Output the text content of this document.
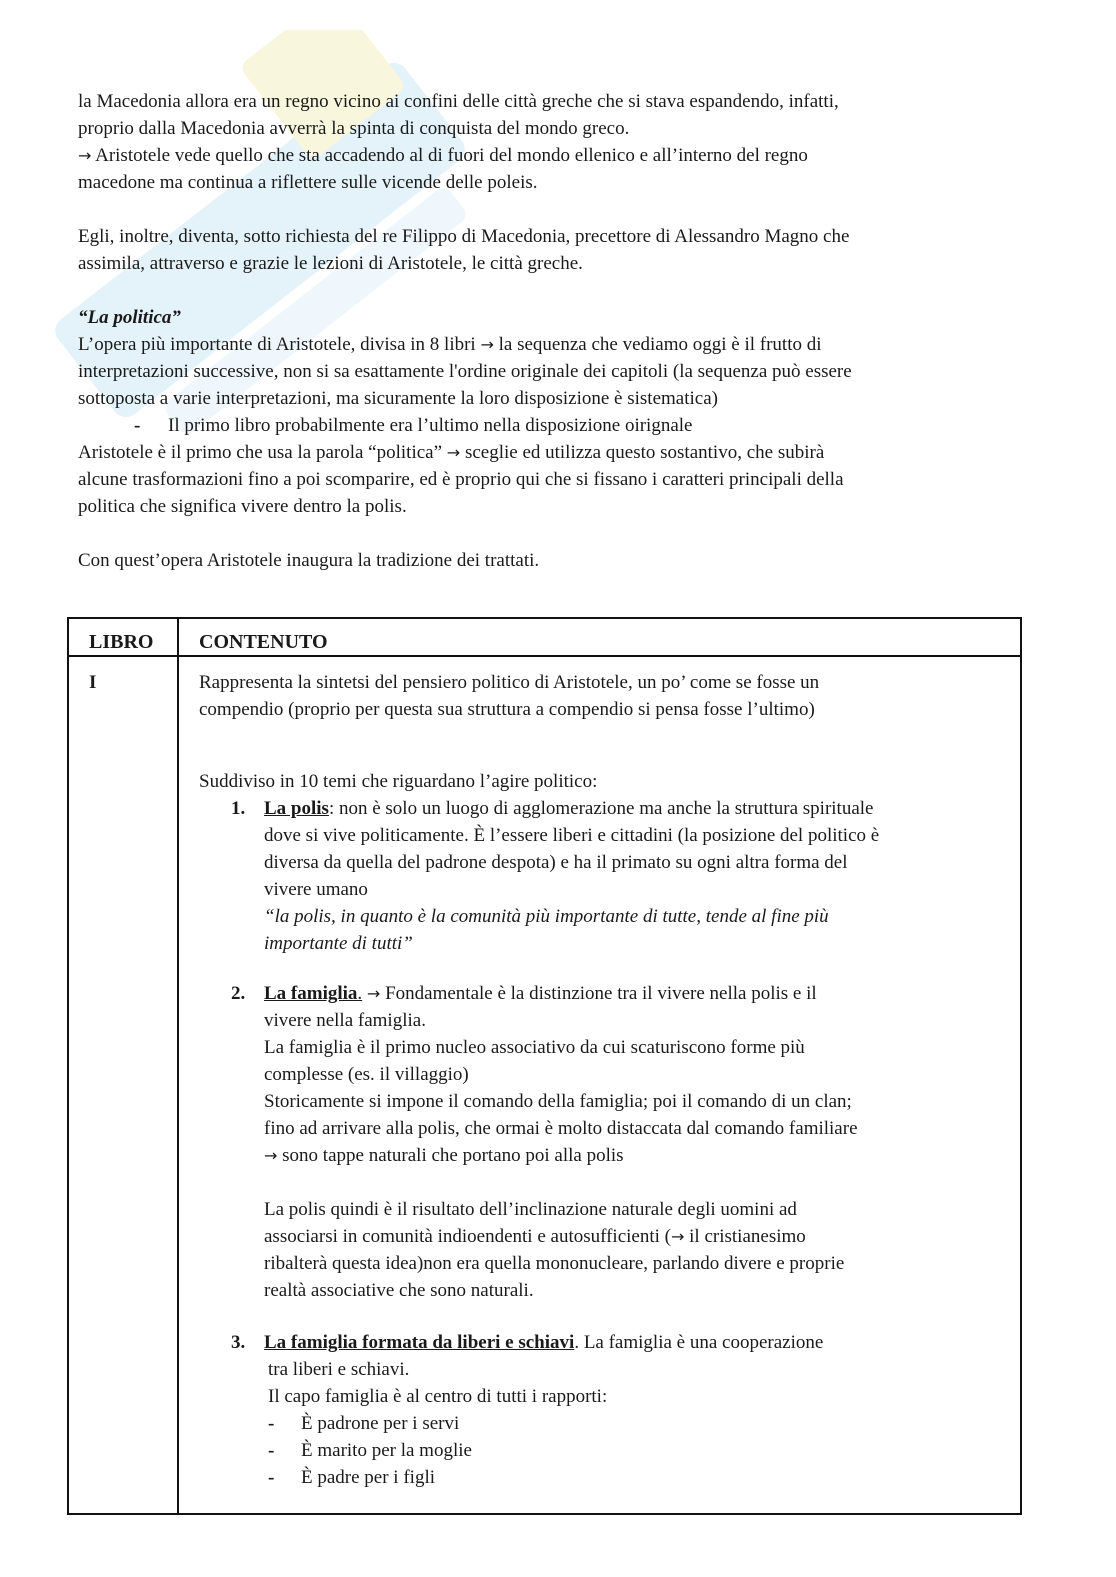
la Macedonia allora era un regno vicino ai confini delle città greche che si stava espandendo, infatti,

proprio dalla Macedonia avverrà la spinta di conquista del mondo greco.

→ Aristotele vede quello che sta accadendo al di fuori del mondo ellenico e all’interno del regno

macedone ma continua a riflettere sulle vicende delle poleis.

Egli, inoltre, diventa, sotto richiesta del re Filippo di Macedonia, precettore di Alessandro Magno che

assimila, attraverso e grazie le lezioni di Aristotele, le città greche.

“La politica”

L’opera più importante di Aristotele, divisa in 8 libri → la sequenza che vediamo oggi è il frutto di

interpretazioni successive, non si sa esattamente l'ordine originale dei capitoli (la sequenza può essere

sottoposta a varie interpretazioni, ma sicuramente la loro disposizione è sistematica)

- Il primo libro probabilmente era l’ultimo nella disposizione oirignale

Aristotele è il primo che usa la parola “politica” → sceglie ed utilizza questo sostantivo, che subirà

alcune trasformazioni fino a poi scomparire, ed è proprio qui che si fissano i caratteri principali della

politica che significa vivere dentro la polis.

Con quest’opera Aristotele inaugura la tradizione dei trattati.

LIBRO CONTENUTO
I	Rappresenta la sintetsi del pensiero politico di Aristotele, un po’ come se fosse un

compendio (proprio per questa sua struttura a compendio si pensa fosse l’ultimo)

Suddiviso in 10 temi che riguardano l’agire politico:

1. La polis: non è solo un luogo di agglomerazione ma anche la struttura spirituale

dove si vive politicamente. È l’essere liberi e cittadini (la posizione del politico è

diversa da quella del padrone despota) e ha il primato su ogni altra forma del

vivere umano

“la polis, in quanto è la comunità più importante di tutte, tende al fine più

importante di tutti”

2. La famiglia. → Fondamentale è la distinzione tra il vivere nella polis e il

vivere nella famiglia.

La famiglia è il primo nucleo associativo da cui scaturiscono forme più

complesse (es. il villaggio)

Storicamente si impone il comando della famiglia; poi il comando di un clan;

fino ad arrivare alla polis, che ormai è molto distaccata dal comando familiare

→ sono tappe naturali che portano poi alla polis

La polis quindi è il risultato dell’inclinazione naturale degli uomini ad

associarsi in comunità indioendenti e autosufficienti (→ il cristianesimo

ribalterà questa idea)non era quella mononucleare, parlando divere e proprie

realtà associative che sono naturali.

3. La famiglia formata da liberi e schiavi. La famiglia è una cooperazione

tra liberi e schiavi.

Il capo famiglia è al centro di tutti i rapporti:

- È padrone per i servi

- È marito per la moglie

- È padre per i figli
